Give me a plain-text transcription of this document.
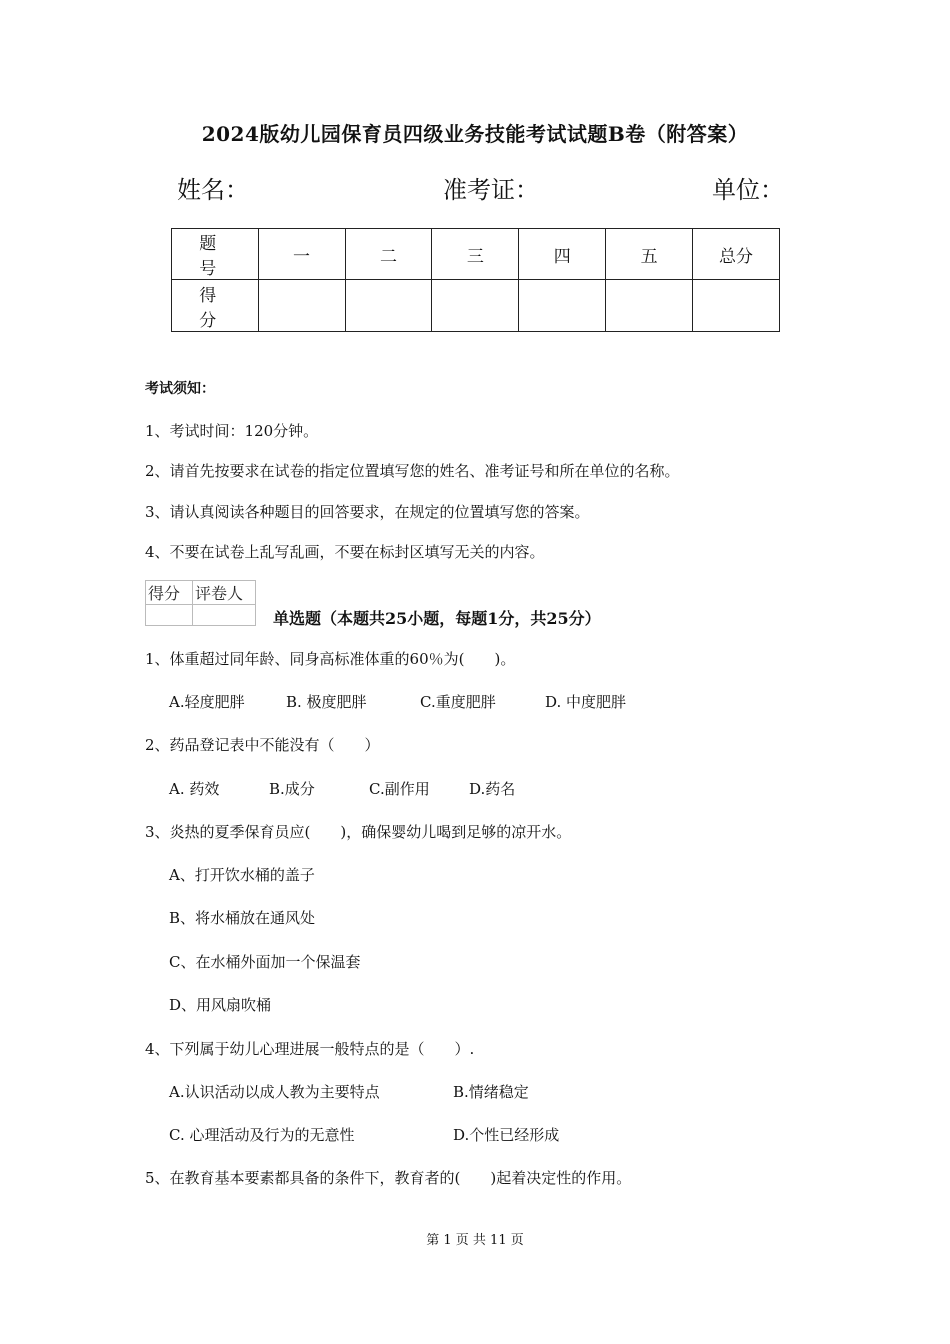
2024版幼儿园保育员四级业务技能考试试题B卷（附答案）
姓名：	准考证：	单位：
题　号	一	二	三	四	五	总分
得　分						
考试须知：
1、考试时间：120分钟。
2、请首先按要求在试卷的指定位置填写您的姓名、准考证号和所在单位的名称。
3、请认真阅读各种题目的回答要求，在规定的位置填写您的答案。
4、不要在试卷上乱写乱画，不要在标封区填写无关的内容。
得分	评卷人

单选题（本题共25小题，每题1分，共25分）
1、体重超过同年龄、同身高标准体重的60％为(　　)。
A.轻度肥胖	B. 极度肥胖	C.重度肥胖	D. 中度肥胖
2、药品登记表中不能没有（　　）
A. 药效	B.成分	C.副作用	D.药名
3、炎热的夏季保育员应(　　)，确保婴幼儿喝到足够的凉开水。
A、打开饮水桶的盖子
B、将水桶放在通风处
C、在水桶外面加一个保温套
D、用风扇吹桶
4、下列属于幼儿心理进展一般特点的是（　　）.
A.认识活动以成人教为主要特点	B.情绪稳定
C. 心理活动及行为的无意性	D.个性已经形成
5、在教育基本要素都具备的条件下，教育者的(　　)起着决定性的作用。
第 1 页 共 11 页
